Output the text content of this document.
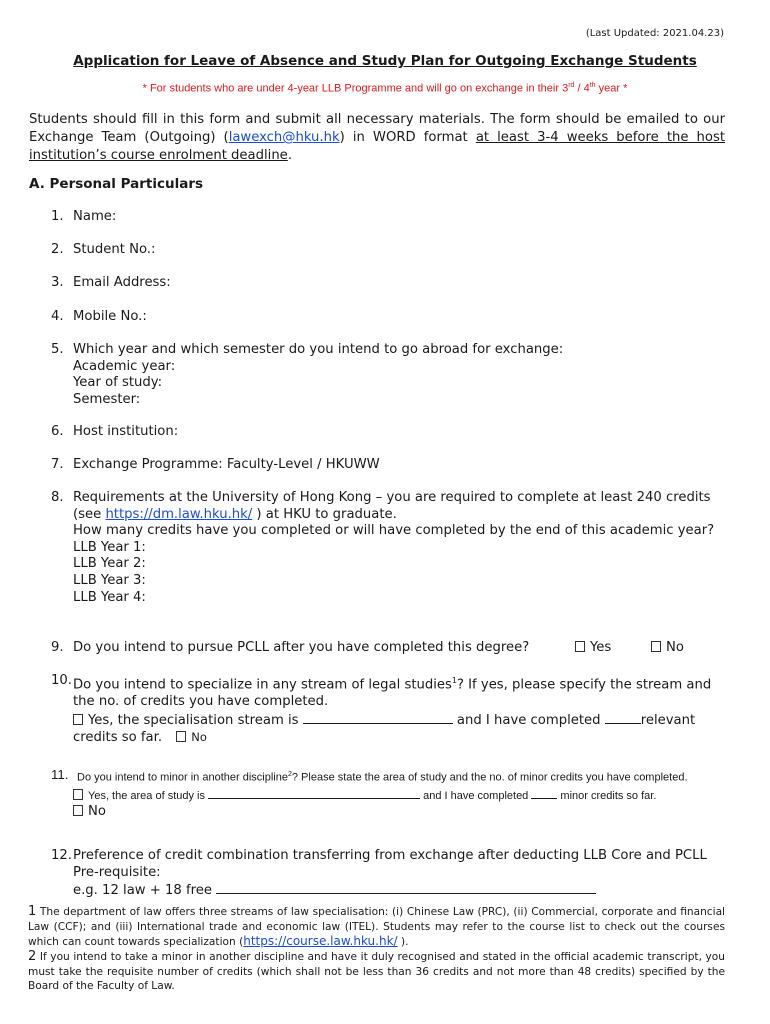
(Last Updated: 2021.04.23)
Application for Leave of Absence and Study Plan for Outgoing Exchange Students
* For students who are under 4-year LLB Programme and will go on exchange in their 3rd / 4th year *
Students should fill in this form and submit all necessary materials. The form should be emailed to our Exchange Team (Outgoing) (lawexch@hku.hk) in WORD format at least 3-4 weeks before the host institution’s course enrolment deadline.
A. Personal Particulars
1. Name:
2. Student No.:
3. Email Address:
4. Mobile No.:
5. Which year and which semester do you intend to go abroad for exchange:
Academic year:
Year of study:
Semester:
6. Host institution:
7. Exchange Programme: Faculty-Level / HKUWW
8. Requirements at the University of Hong Kong – you are required to complete at least 240 credits (see https://dm.law.hku.hk/ ) at HKU to graduate.
How many credits have you completed or will have completed by the end of this academic year?
LLB Year 1:
LLB Year 2:
LLB Year 3:
LLB Year 4:
9. Do you intend to pursue PCLL after you have completed this degree?	Yes	No
10. Do you intend to specialize in any stream of legal studies$^1$? If yes, please specify the stream and the no. of credits you have completed.
Yes, the specialisation stream is	and I have completed	relevant credits so far.	No
11. Do you intend to minor in another discipline$^2$? Please state the area of study and the no. of minor credits you have completed.
Yes, the area of study is	and I have completed  minor credits so far.
No
12. Preference of credit combination transferring from exchange after deducting LLB Core and PCLL Pre-requisite:
e.g. 12 law + 18 free
1 The department of law offers three streams of law specialisation: (i) Chinese Law (PRC), (ii) Commercial, corporate and financial Law (CCF); and (iii) International trade and economic law (ITEL). Students may refer to the course list to check out the courses which can count towards specialization (https://course.law.hku.hk/ ).
2 If you intend to take a minor in another discipline and have it duly recognised and stated in the official academic transcript, you must take the requisite number of credits (which shall not be less than 36 credits and not more than 48 credits) specified by the Board of the Faculty of Law.
